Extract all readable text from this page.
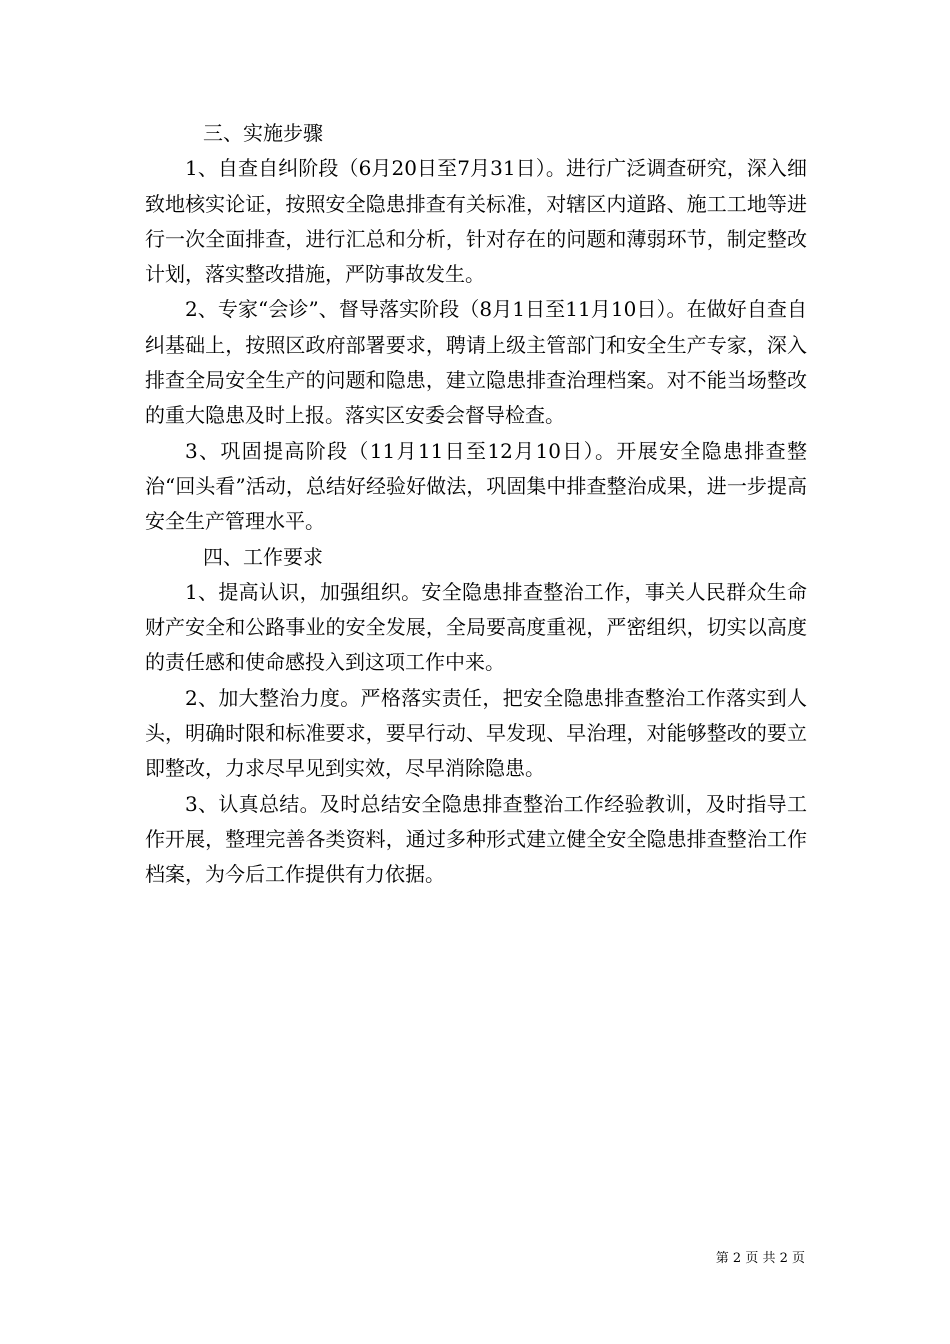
三、实施步骤

1、自查自纠阶段（6月20日至7月31日）。进行广泛调查研究，深入细致地核实论证，按照安全隐患排查有关标准，对辖区内道路、施工工地等进行一次全面排查，进行汇总和分析，针对存在的问题和薄弱环节，制定整改计划，落实整改措施，严防事故发生。

2、专家“会诊”、督导落实阶段（8月1日至11月10日）。在做好自查自纠基础上，按照区政府部署要求，聘请上级主管部门和安全生产专家，深入排查全局安全生产的问题和隐患，建立隐患排查治理档案。对不能当场整改的重大隐患及时上报。落实区安委会督导检查。

3、巩固提高阶段（11月11日至12月10日）。开展安全隐患排查整治“回头看”活动，总结好经验好做法，巩固集中排查整治成果，进一步提高安全生产管理水平。

四、工作要求

1、提高认识，加强组织。安全隐患排查整治工作，事关人民群众生命财产安全和公路事业的安全发展，全局要高度重视，严密组织，切实以高度的责任感和使命感投入到这项工作中来。

2、加大整治力度。严格落实责任，把安全隐患排查整治工作落实到人头，明确时限和标准要求，要早行动、早发现、早治理，对能够整改的要立即整改，力求尽早见到实效，尽早消除隐患。

3、认真总结。及时总结安全隐患排查整治工作经验教训，及时指导工作开展，整理完善各类资料，通过多种形式建立健全安全隐患排查整治工作档案，为今后工作提供有力依据。

第 2 页 共 2 页
